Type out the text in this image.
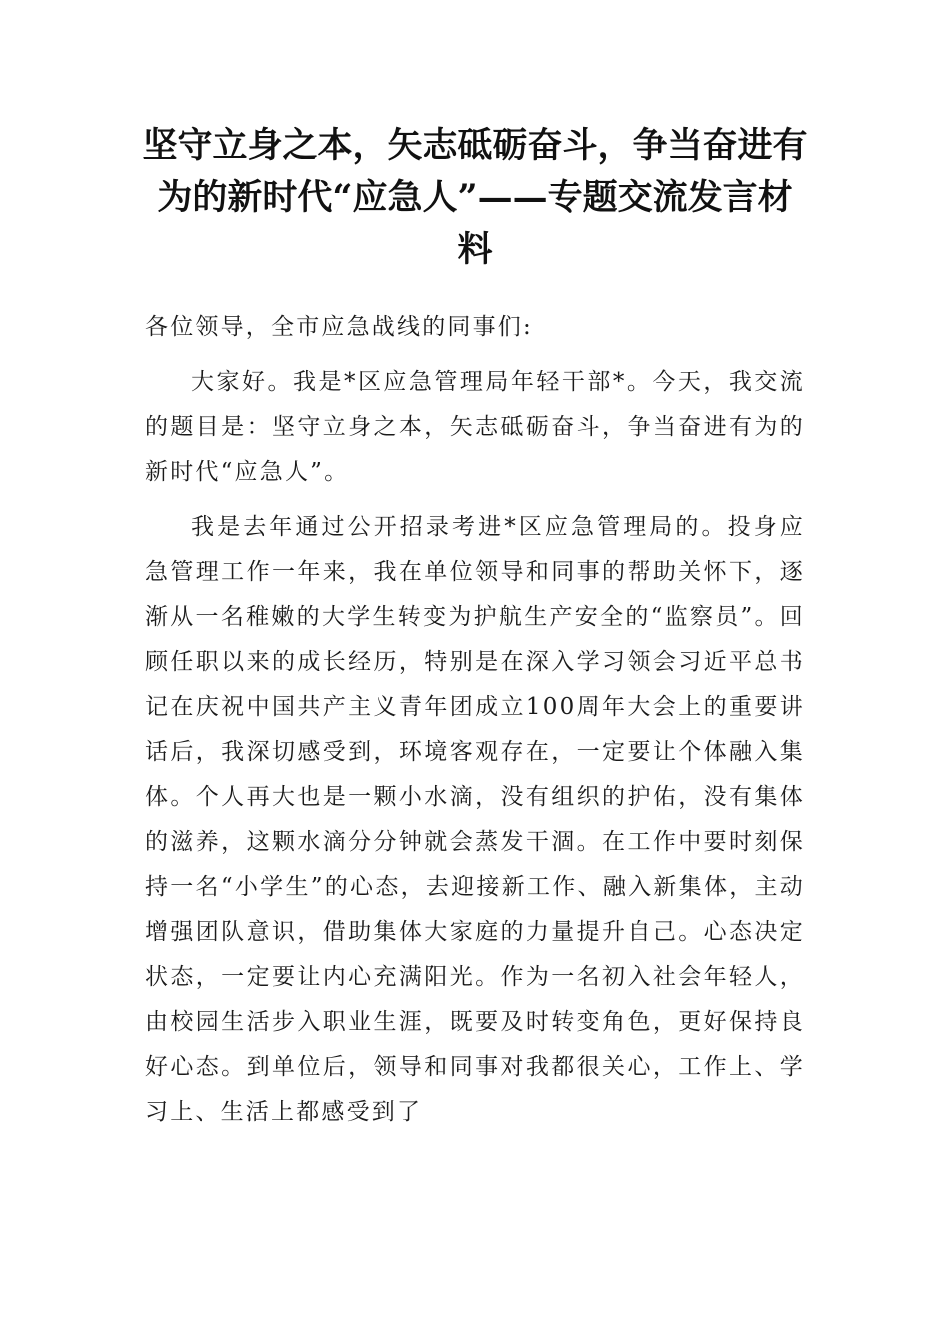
坚守立身之本，矢志砥砺奋斗，争当奋进有为的新时代“应急人”——专题交流发言材料

各位领导，全市应急战线的同事们:

大家好。我是*区应急管理局年轻干部*。今天，我交流的题目是：坚守立身之本，矢志砥砺奋斗，争当奋进有为的新时代“应急人”。

我是去年通过公开招录考进*区应急管理局的。投身应急管理工作一年来，我在单位领导和同事的帮助关怀下，逐渐从一名稚嫩的大学生转变为护航生产安全的“监察员”。回顾任职以来的成长经历，特别是在深入学习领会习近平总书记在庆祝中国共产主义青年团成立100周年大会上的重要讲话后，我深切感受到，环境客观存在，一定要让个体融入集体。个人再大也是一颗小水滴，没有组织的护佑，没有集体的滋养，这颗水滴分分钟就会蒸发干涸。在工作中要时刻保持一名“小学生”的心态，去迎接新工作、融入新集体，主动增强团队意识，借助集体大家庭的力量提升自己。心态决定状态，一定要让内心充满阳光。作为一名初入社会年轻人，由校园生活步入职业生涯，既要及时转变角色，更好保持良好心态。到单位后，领导和同事对我都很关心，工作上、学习上、生活上都感受到了
